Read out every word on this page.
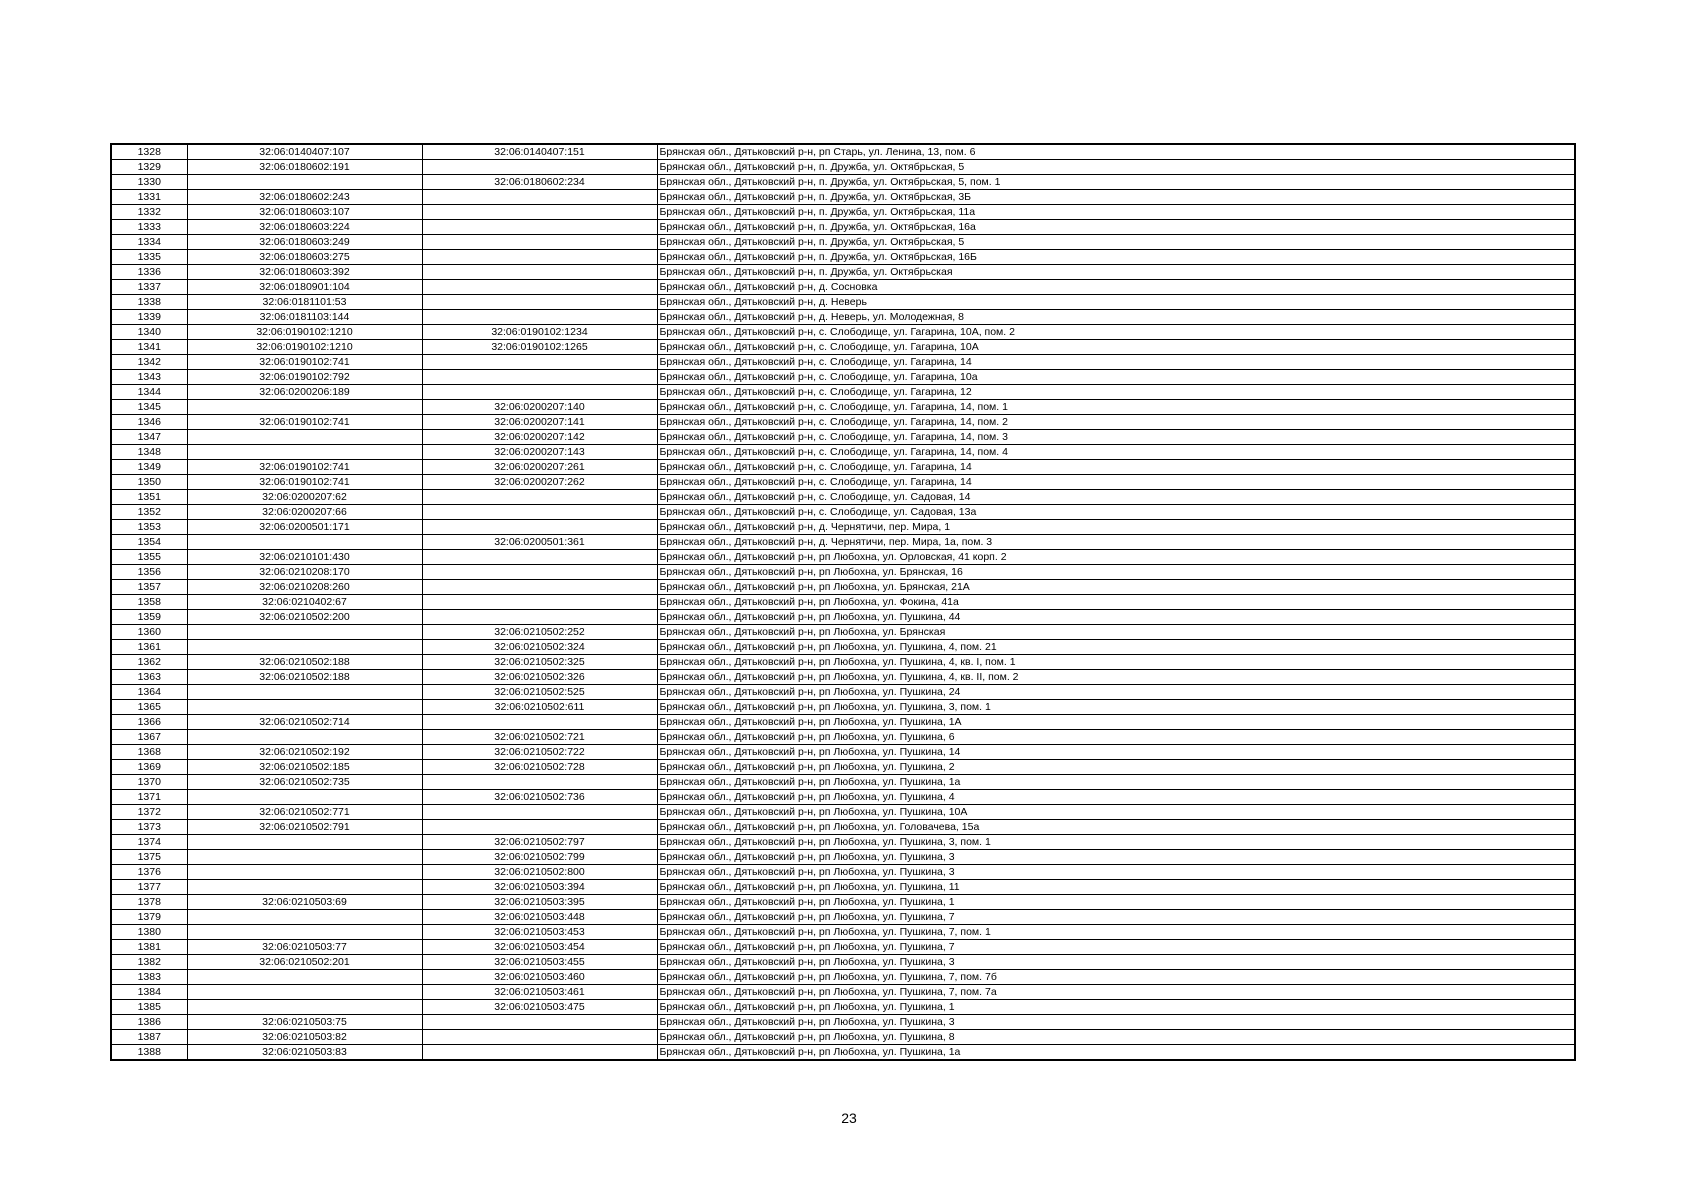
1328	32:06:0140407:107	32:06:0140407:151	Брянская обл., Дятьковский р-н, рп Старь, ул. Ленина, 13, пом. 6
1329	32:06:0180602:191		Брянская обл., Дятьковский р-н, п. Дружба, ул. Октябрьская, 5
1330		32:06:0180602:234	Брянская обл., Дятьковский р-н, п. Дружба, ул. Октябрьская, 5, пом. 1
1331	32:06:0180602:243		Брянская обл., Дятьковский р-н, п. Дружба, ул. Октябрьская, 3Б
1332	32:06:0180603:107		Брянская обл., Дятьковский р-н, п. Дружба, ул. Октябрьская, 11а
1333	32:06:0180603:224		Брянская обл., Дятьковский р-н, п. Дружба, ул. Октябрьская, 16а
1334	32:06:0180603:249		Брянская обл., Дятьковский р-н, п. Дружба, ул. Октябрьская, 5
1335	32:06:0180603:275		Брянская обл., Дятьковский р-н, п. Дружба, ул. Октябрьская, 16Б
1336	32:06:0180603:392		Брянская обл., Дятьковский р-н, п. Дружба, ул. Октябрьская
1337	32:06:0180901:104		Брянская обл., Дятьковский р-н, д. Сосновка
1338	32:06:0181101:53		Брянская обл., Дятьковский р-н, д. Неверь
1339	32:06:0181103:144		Брянская обл., Дятьковский р-н, д. Неверь, ул. Молодежная, 8
1340	32:06:0190102:1210	32:06:0190102:1234	Брянская обл., Дятьковский р-н, с. Слободище, ул. Гагарина, 10А, пом. 2
1341	32:06:0190102:1210	32:06:0190102:1265	Брянская обл., Дятьковский р-н, с. Слободище, ул. Гагарина, 10А
1342	32:06:0190102:741		Брянская обл., Дятьковский р-н, с. Слободище, ул. Гагарина, 14
1343	32:06:0190102:792		Брянская обл., Дятьковский р-н, с. Слободище, ул. Гагарина, 10а
1344	32:06:0200206:189		Брянская обл., Дятьковский р-н, с. Слободище, ул. Гагарина, 12
1345		32:06:0200207:140	Брянская обл., Дятьковский р-н, с. Слободище, ул. Гагарина, 14, пом. 1
1346	32:06:0190102:741	32:06:0200207:141	Брянская обл., Дятьковский р-н, с. Слободище, ул. Гагарина, 14, пом. 2
1347		32:06:0200207:142	Брянская обл., Дятьковский р-н, с. Слободище, ул. Гагарина, 14, пом. 3
1348		32:06:0200207:143	Брянская обл., Дятьковский р-н, с. Слободище, ул. Гагарина, 14, пом. 4
1349	32:06:0190102:741	32:06:0200207:261	Брянская обл., Дятьковский р-н, с. Слободище, ул. Гагарина, 14
1350	32:06:0190102:741	32:06:0200207:262	Брянская обл., Дятьковский р-н, с. Слободище, ул. Гагарина, 14
1351	32:06:0200207:62		Брянская обл., Дятьковский р-н, с. Слободище, ул. Садовая, 14
1352	32:06:0200207:66		Брянская обл., Дятьковский р-н, с. Слободище, ул. Садовая, 13а
1353	32:06:0200501:171		Брянская обл., Дятьковский р-н, д. Чернятичи, пер. Мира, 1
1354		32:06:0200501:361	Брянская обл., Дятьковский р-н, д. Чернятичи, пер. Мира, 1а, пом. 3
1355	32:06:0210101:430		Брянская обл., Дятьковский р-н, рп Любохна, ул. Орловская, 41 корп. 2
1356	32:06:0210208:170		Брянская обл., Дятьковский р-н, рп Любохна, ул. Брянская, 16
1357	32:06:0210208:260		Брянская обл., Дятьковский р-н, рп Любохна, ул. Брянская, 21А
1358	32:06:0210402:67		Брянская обл., Дятьковский р-н, рп Любохна, ул. Фокина, 41а
1359	32:06:0210502:200		Брянская обл., Дятьковский р-н, рп Любохна, ул. Пушкина, 44
1360		32:06:0210502:252	Брянская обл., Дятьковский р-н, рп Любохна, ул. Брянская
1361		32:06:0210502:324	Брянская обл., Дятьковский р-н, рп Любохна, ул. Пушкина, 4, пом. 21
1362	32:06:0210502:188	32:06:0210502:325	Брянская обл., Дятьковский р-н, рп Любохна, ул. Пушкина, 4, кв. I, пом. 1
1363	32:06:0210502:188	32:06:0210502:326	Брянская обл., Дятьковский р-н, рп Любохна, ул. Пушкина, 4, кв. II, пом. 2
1364		32:06:0210502:525	Брянская обл., Дятьковский р-н, рп Любохна, ул. Пушкина, 24
1365		32:06:0210502:611	Брянская обл., Дятьковский р-н, рп Любохна, ул. Пушкина, 3, пом. 1
1366	32:06:0210502:714		Брянская обл., Дятьковский р-н, рп Любохна, ул. Пушкина, 1А
1367		32:06:0210502:721	Брянская обл., Дятьковский р-н, рп Любохна, ул. Пушкина, 6
1368	32:06:0210502:192	32:06:0210502:722	Брянская обл., Дятьковский р-н, рп Любохна, ул. Пушкина, 14
1369	32:06:0210502:185	32:06:0210502:728	Брянская обл., Дятьковский р-н, рп Любохна, ул. Пушкина, 2
1370	32:06:0210502:735		Брянская обл., Дятьковский р-н, рп Любохна, ул. Пушкина, 1а
1371		32:06:0210502:736	Брянская обл., Дятьковский р-н, рп Любохна, ул. Пушкина, 4
1372	32:06:0210502:771		Брянская обл., Дятьковский р-н, рп Любохна, ул. Пушкина, 10А
1373	32:06:0210502:791		Брянская обл., Дятьковский р-н, рп Любохна, ул. Головачева, 15а
1374		32:06:0210502:797	Брянская обл., Дятьковский р-н, рп Любохна, ул. Пушкина, 3, пом. 1
1375		32:06:0210502:799	Брянская обл., Дятьковский р-н, рп Любохна, ул. Пушкина, 3
1376		32:06:0210502:800	Брянская обл., Дятьковский р-н, рп Любохна, ул. Пушкина, 3
1377		32:06:0210503:394	Брянская обл., Дятьковский р-н, рп Любохна, ул. Пушкина, 11
1378	32:06:0210503:69	32:06:0210503:395	Брянская обл., Дятьковский р-н, рп Любохна, ул. Пушкина, 1
1379		32:06:0210503:448	Брянская обл., Дятьковский р-н, рп Любохна, ул. Пушкина, 7
1380		32:06:0210503:453	Брянская обл., Дятьковский р-н, рп Любохна, ул. Пушкина, 7, пом. 1
1381	32:06:0210503:77	32:06:0210503:454	Брянская обл., Дятьковский р-н, рп Любохна, ул. Пушкина, 7
1382	32:06:0210502:201	32:06:0210503:455	Брянская обл., Дятьковский р-н, рп Любохна, ул. Пушкина, 3
1383		32:06:0210503:460	Брянская обл., Дятьковский р-н, рп Любохна, ул. Пушкина, 7, пом. 7б
1384		32:06:0210503:461	Брянская обл., Дятьковский р-н, рп Любохна, ул. Пушкина, 7, пом. 7а
1385		32:06:0210503:475	Брянская обл., Дятьковский р-н, рп Любохна, ул. Пушкина, 1
1386	32:06:0210503:75		Брянская обл., Дятьковский р-н, рп Любохна, ул. Пушкина, 3
1387	32:06:0210503:82		Брянская обл., Дятьковский р-н, рп Любохна, ул. Пушкина, 8
1388	32:06:0210503:83		Брянская обл., Дятьковский р-н, рп Любохна, ул. Пушкина, 1а
23
